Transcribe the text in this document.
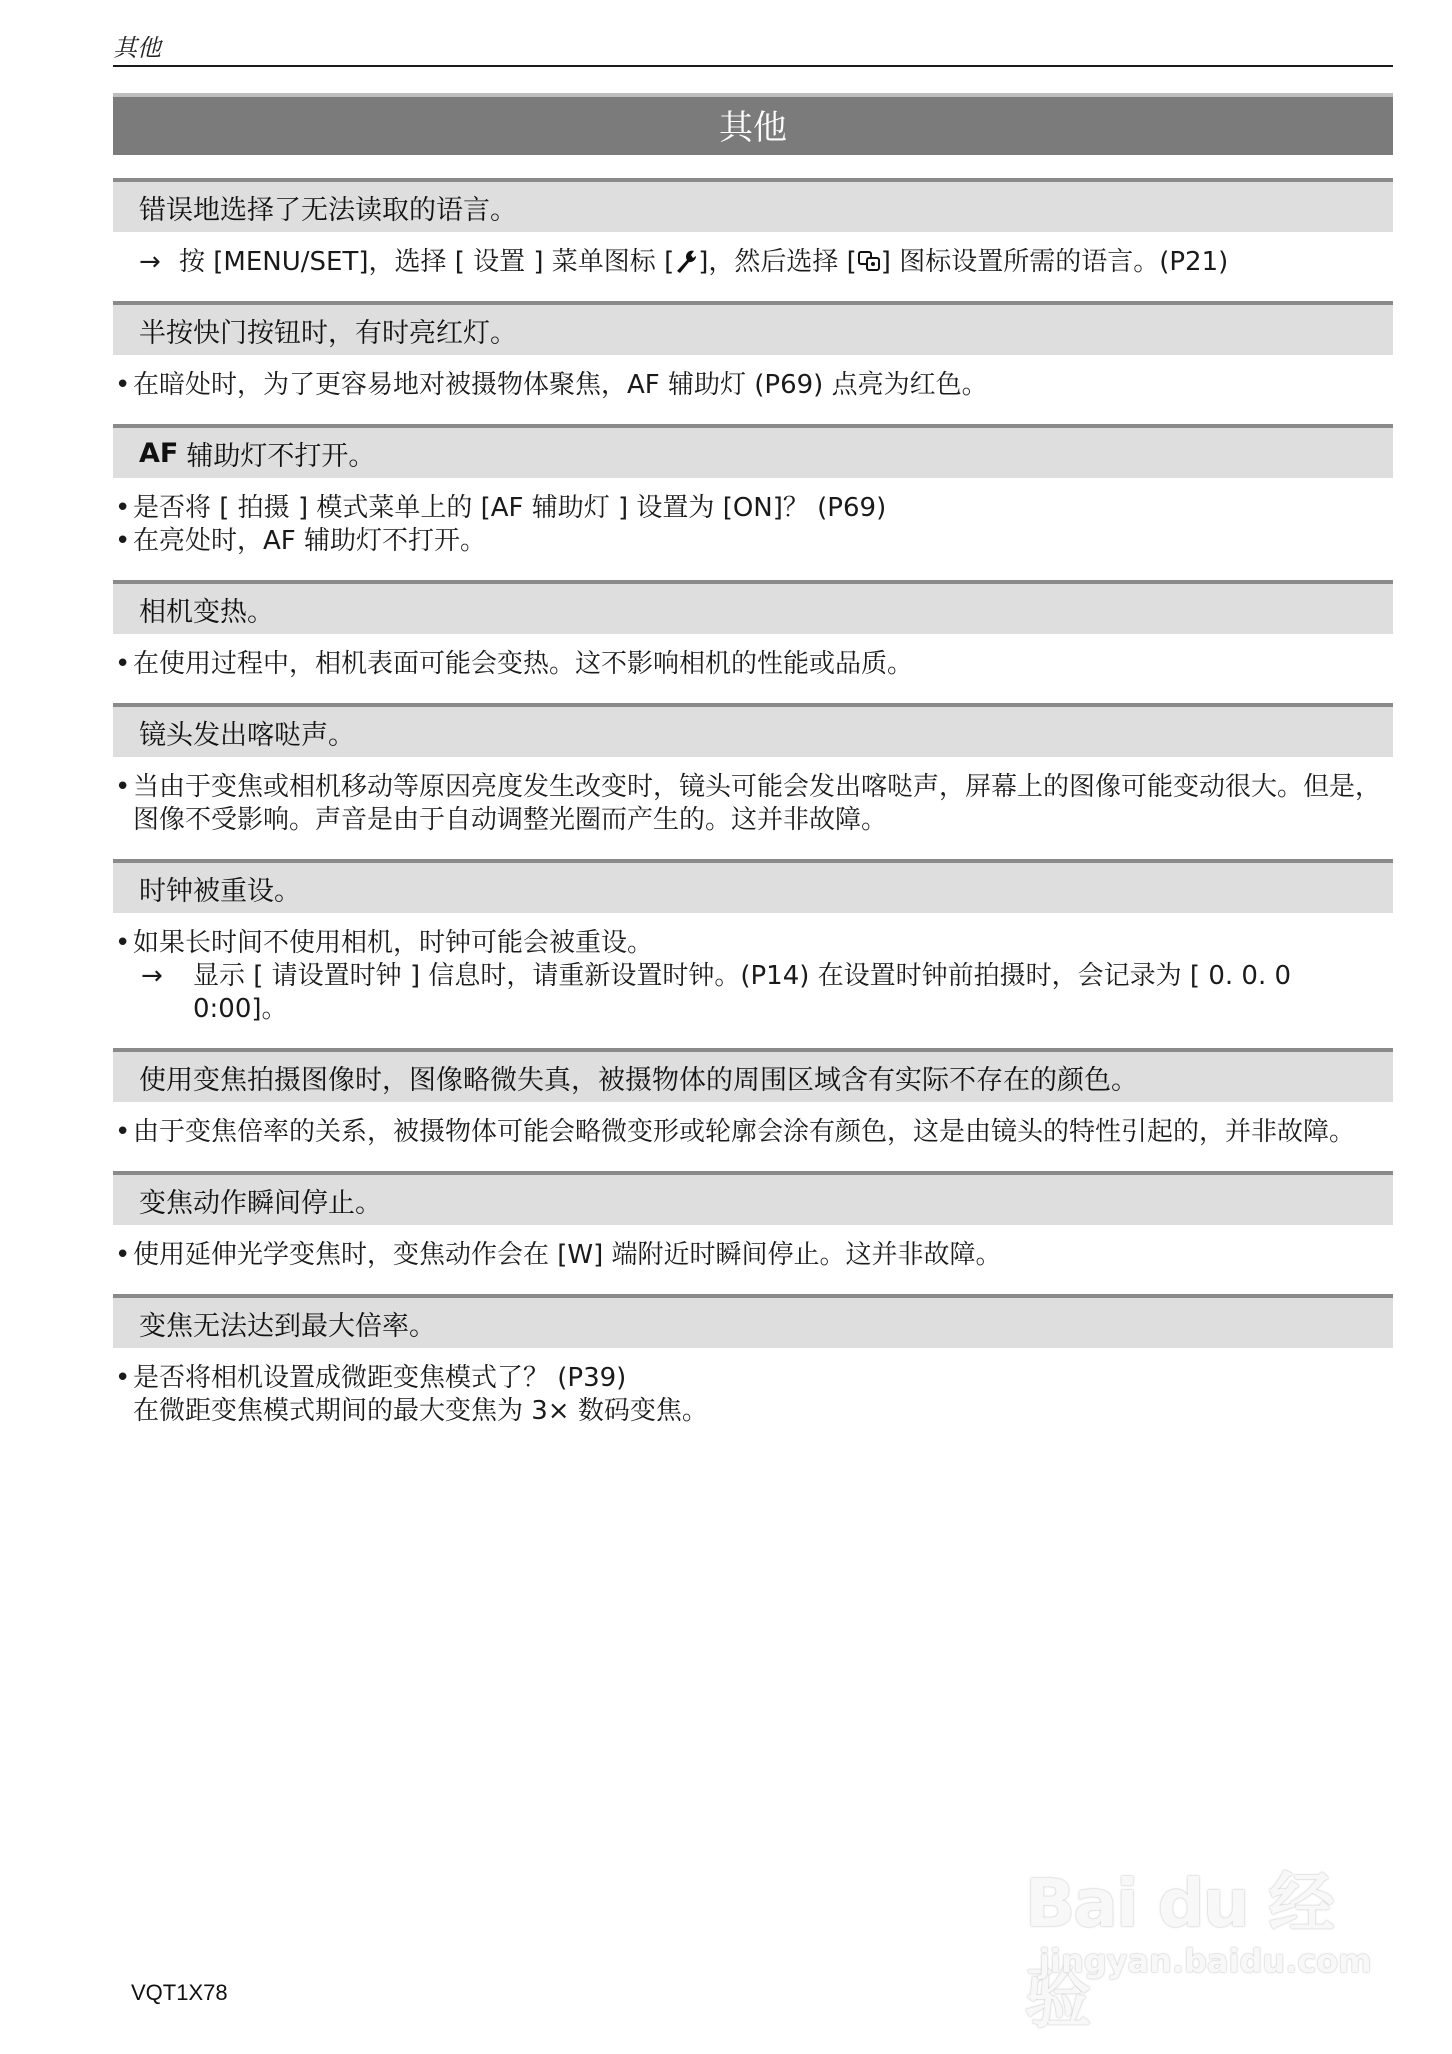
其他
其他
错误地选择了无法读取的语言。
→ 按 [MENU/SET]，选择 [ 设置 ] 菜单图标 [ ]，然后选择 [ ] 图标设置所需的语言。(P21)
半按快门按钮时，有时亮红灯。
• 在暗处时，为了更容易地对被摄物体聚焦，AF 辅助灯 (P69) 点亮为红色。
AF 辅助灯不打开。
• 是否将 [ 拍摄 ] 模式菜单上的 [AF 辅助灯 ] 设置为 [ON]？ (P69)
• 在亮处时，AF 辅助灯不打开。
相机变热。
• 在使用过程中，相机表面可能会变热。这不影响相机的性能或品质。
镜头发出喀哒声。
• 当由于变焦或相机移动等原因亮度发生改变时，镜头可能会发出喀哒声，屏幕上的图像可能变动很大。但是，图像不受影响。声音是由于自动调整光圈而产生的。这并非故障。
时钟被重设。
• 如果长时间不使用相机，时钟可能会被重设。
→ 显示 [ 请设置时钟 ] 信息时，请重新设置时钟。(P14) 在设置时钟前拍摄时，会记录为 [ 0. 0. 0 0:00]。
使用变焦拍摄图像时，图像略微失真，被摄物体的周围区域含有实际不存在的颜色。
• 由于变焦倍率的关系，被摄物体可能会略微变形或轮廓会涂有颜色，这是由镜头的特性引起的，并非故障。
变焦动作瞬间停止。
• 使用延伸光学变焦时，变焦动作会在 [W] 端附近时瞬间停止。这并非故障。
变焦无法达到最大倍率。
• 是否将相机设置成微距变焦模式了？ (P39)
在微距变焦模式期间的最大变焦为 3× 数码变焦。
VQT1X78
Bai du 经验
jingyan.baidu.com
